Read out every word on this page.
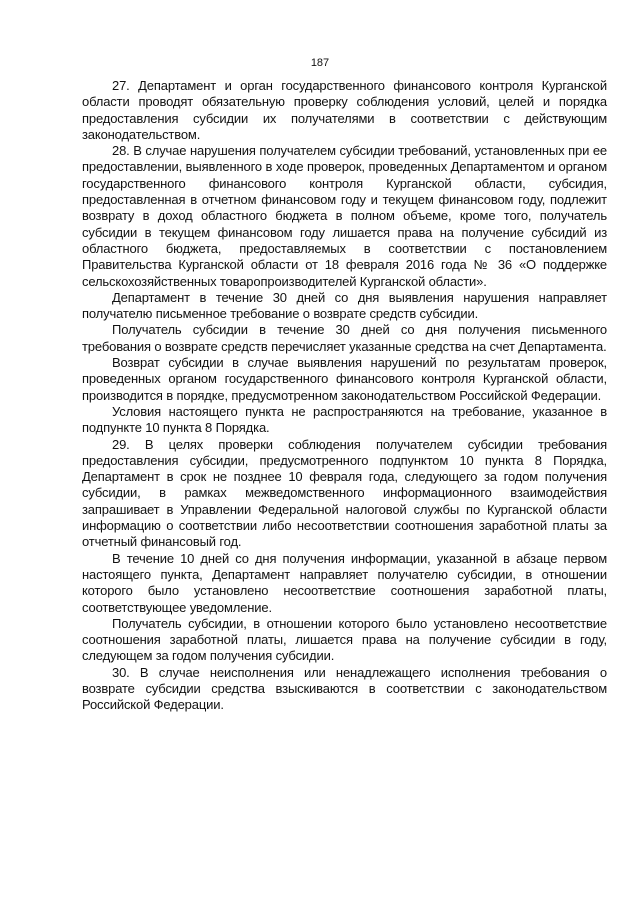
187

27. Департамент и орган государственного финансового контроля Курганской области проводят обязательную проверку соблюдения условий, целей и порядка предоставления субсидии их получателями в соответствии с действующим законодательством.

28. В случае нарушения получателем субсидии требований, установленных при ее предоставлении, выявленного в ходе проверок, проведенных Департаментом и органом государственного финансового контроля Курганской области, субсидия, предоставленная в отчетном финансовом году и текущем финансовом году, подлежит возврату в доход областного бюджета в полном объеме, кроме того, получатель субсидии в текущем финансовом году лишается права на получение субсидий из областного бюджета, предоставляемых в соответствии с постановлением Правительства Курганской области от 18 февраля 2016 года № 36 «О поддержке сельскохозяйственных товаропроизводителей Курганской области».

Департамент в течение 30 дней со дня выявления нарушения направляет получателю письменное требование о возврате средств субсидии.

Получатель субсидии в течение 30 дней со дня получения письменного требования о возврате средств перечисляет указанные средства на счет Департамента.

Возврат субсидии в случае выявления нарушений по результатам проверок, проведенных органом государственного финансового контроля Курганской области, производится в порядке, предусмотренном законодательством Российской Федерации.

Условия настоящего пункта не распространяются на требование, указанное в подпункте 10 пункта 8 Порядка.

29. В целях проверки соблюдения получателем субсидии требования предоставления субсидии, предусмотренного подпунктом 10 пункта 8 Порядка, Департамент в срок не позднее 10 февраля года, следующего за годом получения субсидии, в рамках межведомственного информационного взаимодействия запрашивает в Управлении Федеральной налоговой службы по Курганской области информацию о соответствии либо несоответствии соотношения заработной платы за отчетный финансовый год.

В течение 10 дней со дня получения информации, указанной в абзаце первом настоящего пункта, Департамент направляет получателю субсидии, в отношении которого было установлено несоответствие соотношения заработной платы, соответствующее уведомление.

Получатель субсидии, в отношении которого было установлено несоответствие соотношения заработной платы, лишается права на получение субсидии в году, следующем за годом получения субсидии.

30. В случае неисполнения или ненадлежащего исполнения требования о возврате субсидии средства взыскиваются в соответствии с законодательством Российской Федерации.
